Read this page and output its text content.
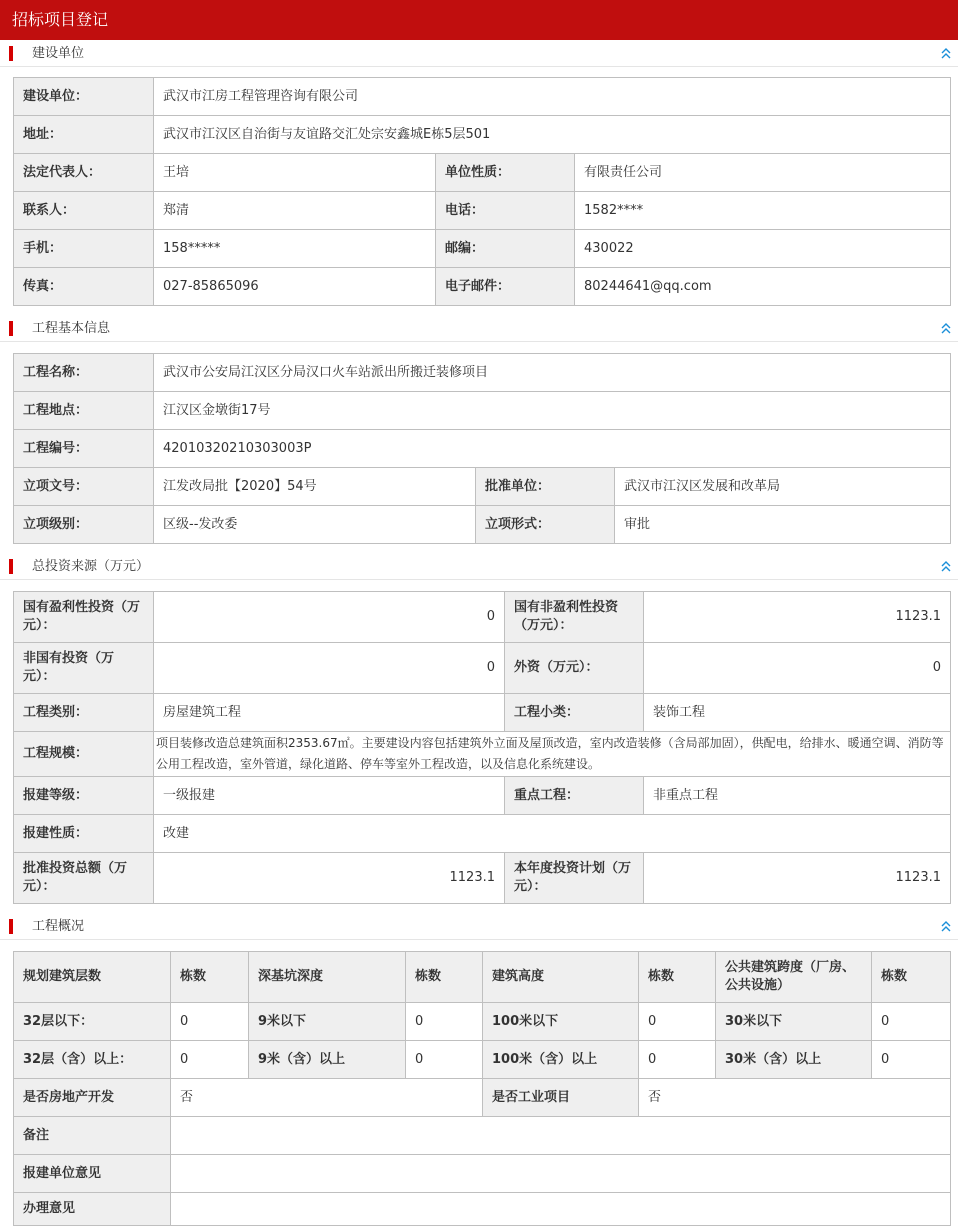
招标项目登记
建设单位
建设单位：	武汉市江房工程管理咨询有限公司		
地址：	武汉市江汉区自治街与友谊路交汇处宗安鑫城E栋5层501		
法定代表人：	王培	单位性质：	有限责任公司
联系人：	郑清	电话：	1582****
手机：	158*****	邮编：	430022
传真：	027-85865096	电子邮件：	80244641@qq.com
工程基本信息
工程名称：	武汉市公安局江汉区分局汉口火车站派出所搬迁装修项目		
工程地点：	江汉区金墩街17号		
工程编号：	42010320210303003P		
立项文号：	江发改局批【2020】54号	批准单位：	武汉市江汉区发展和改革局
立项级别：	区级--发改委	立项形式：	审批
总投资来源（万元）
国有盈利性投资（万元）：	0	国有非盈利性投资（万元）：	1123.1
非国有投资（万元）：	0	外资（万元）：	0
工程类别：	房屋建筑工程	工程小类：	装饰工程
工程规模：	项目装修改造总建筑面积2353.67㎡。主要建设内容包括建筑外立面及屋顶改造，室内改造装修（含局部加固），供配电，给排水、暖通空调、消防等公用工程改造，室外管道，绿化道路、停车等室外工程改造，以及信息化系统建设。		
报建等级：	一级报建	重点工程：	非重点工程
报建性质：	改建		
批准投资总额（万元）：	1123.1	本年度投资计划（万元）：	1123.1
工程概况
规划建筑层数	栋数	深基坑深度	栋数	建筑高度	栋数	公共建筑跨度（厂房、公共设施）	栋数
32层以下：	0	9米以下	0	100米以下	0	30米以下	0
32层（含）以上：	0	9米（含）以上	0	100米（含）以上	0	30米（含）以上	0
是否房地产开发	否			是否工业项目	否		
备注							
报建单位意见							
办理意见							
